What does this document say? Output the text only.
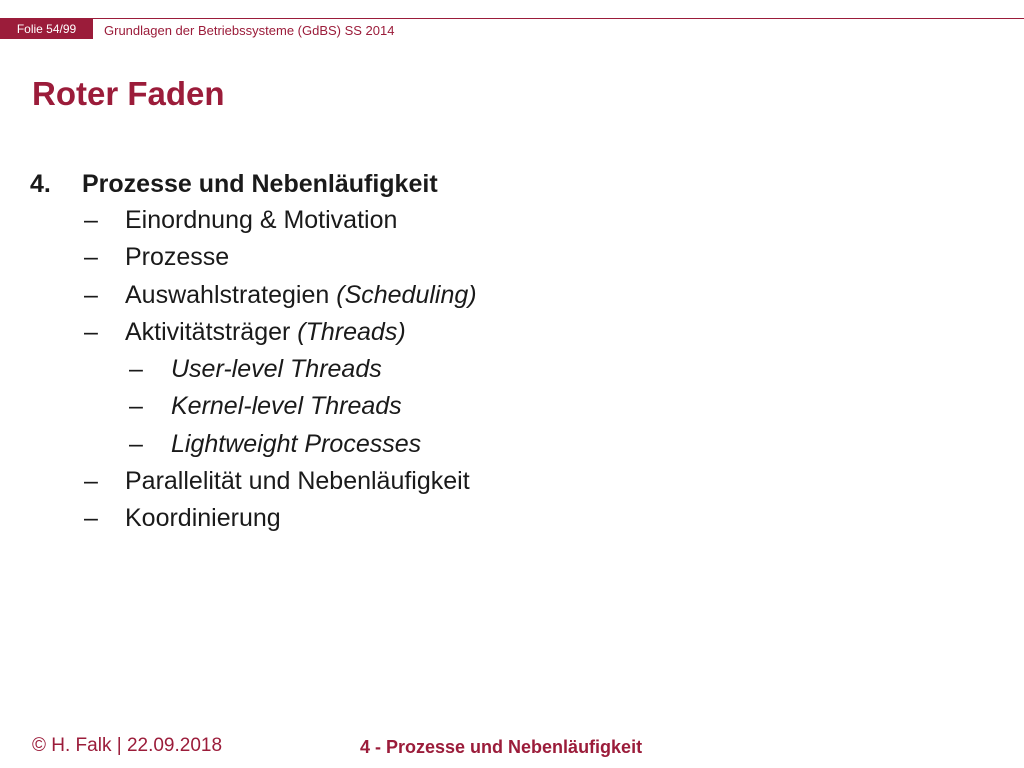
Folie 54/99	Grundlagen der Betriebssysteme (GdBS) SS 2014
Roter Faden
4. Prozesse und Nebenläufigkeit
– Einordnung & Motivation
– Prozesse
– Auswahlstrategien (Scheduling)
– Aktivitätsträger (Threads)
– User-level Threads
– Kernel-level Threads
– Lightweight Processes
– Parallelität und Nebenläufigkeit
– Koordinierung
© H. Falk | 22.09.2018	4 - Prozesse und Nebenläufigkeit
